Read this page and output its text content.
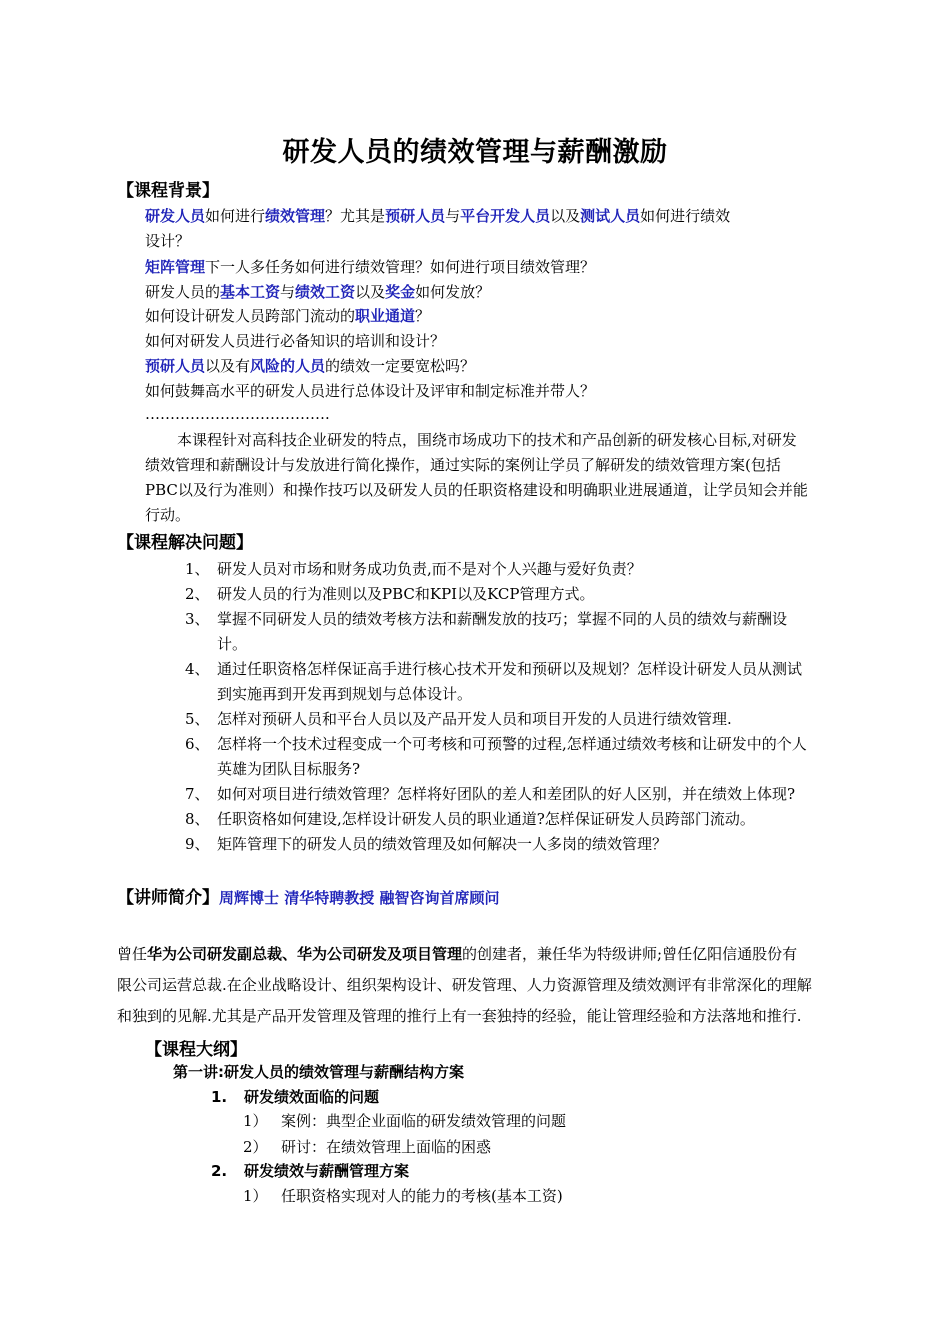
研发人员的绩效管理与薪酬激励
【课程背景】
研发人员如何进行绩效管理？尤其是预研人员与平台开发人员以及测试人员如何进行绩效
设计？
矩阵管理下一人多任务如何进行绩效管理？如何进行项目绩效管理？
研发人员的基本工资与绩效工资以及奖金如何发放？
如何设计研发人员跨部门流动的职业通道？
如何对研发人员进行必备知识的培训和设计？
预研人员以及有风险的人员的绩效一定要宽松吗？
如何鼓舞高水平的研发人员进行总体设计及评审和制定标准并带人？
……………………………….
本课程针对高科技企业研发的特点，围绕市场成功下的技术和产品创新的研发核心目标,对研发绩效管理和薪酬设计与发放进行简化操作，通过实际的案例让学员了解研发的绩效管理方案(包括PBC以及行为准则）和操作技巧以及研发人员的任职资格建设和明确职业进展通道，让学员知会并能行动。
【课程解决问题】
1、 研发人员对市场和财务成功负责,而不是对个人兴趣与爱好负责？
2、 研发人员的行为准则以及PBC和KPI以及KCP管理方式。
3、 掌握不同研发人员的绩效考核方法和薪酬发放的技巧；掌握不同的人员的绩效与薪酬设计。
4、 通过任职资格怎样保证高手进行核心技术开发和预研以及规划？怎样设计研发人员从测试到实施再到开发再到规划与总体设计。
5、 怎样对预研人员和平台人员以及产品开发人员和项目开发的人员进行绩效管理.
6、 怎样将一个技术过程变成一个可考核和可预警的过程,怎样通过绩效考核和让研发中的个人英雄为团队目标服务?
7、 如何对项目进行绩效管理？怎样将好团队的差人和差团队的好人区别，并在绩效上体现?
8、 任职资格如何建设,怎样设计研发人员的职业通道?怎样保证研发人员跨部门流动。
9、 矩阵管理下的研发人员的绩效管理及如何解决一人多岗的绩效管理？
【讲师简介】周辉博士 清华特聘教授 融智咨询首席顾问
曾任华为公司研发副总裁、华为公司研发及项目管理的创建者，兼任华为特级讲师;曾任亿阳信通股份有限公司运营总裁.在企业战略设计、组织架构设计、研发管理、人力资源管理及绩效测评有非常深化的理解和独到的见解.尤其是产品开发管理及管理的推行上有一套独持的经验，能让管理经验和方法落地和推行.
【课程大纲】
第一讲:研发人员的绩效管理与薪酬结构方案
1. 研发绩效面临的问题
1） 案例：典型企业面临的研发绩效管理的问题
2） 研讨：在绩效管理上面临的困惑
2. 研发绩效与薪酬管理方案
1） 任职资格实现对人的能力的考核(基本工资)
